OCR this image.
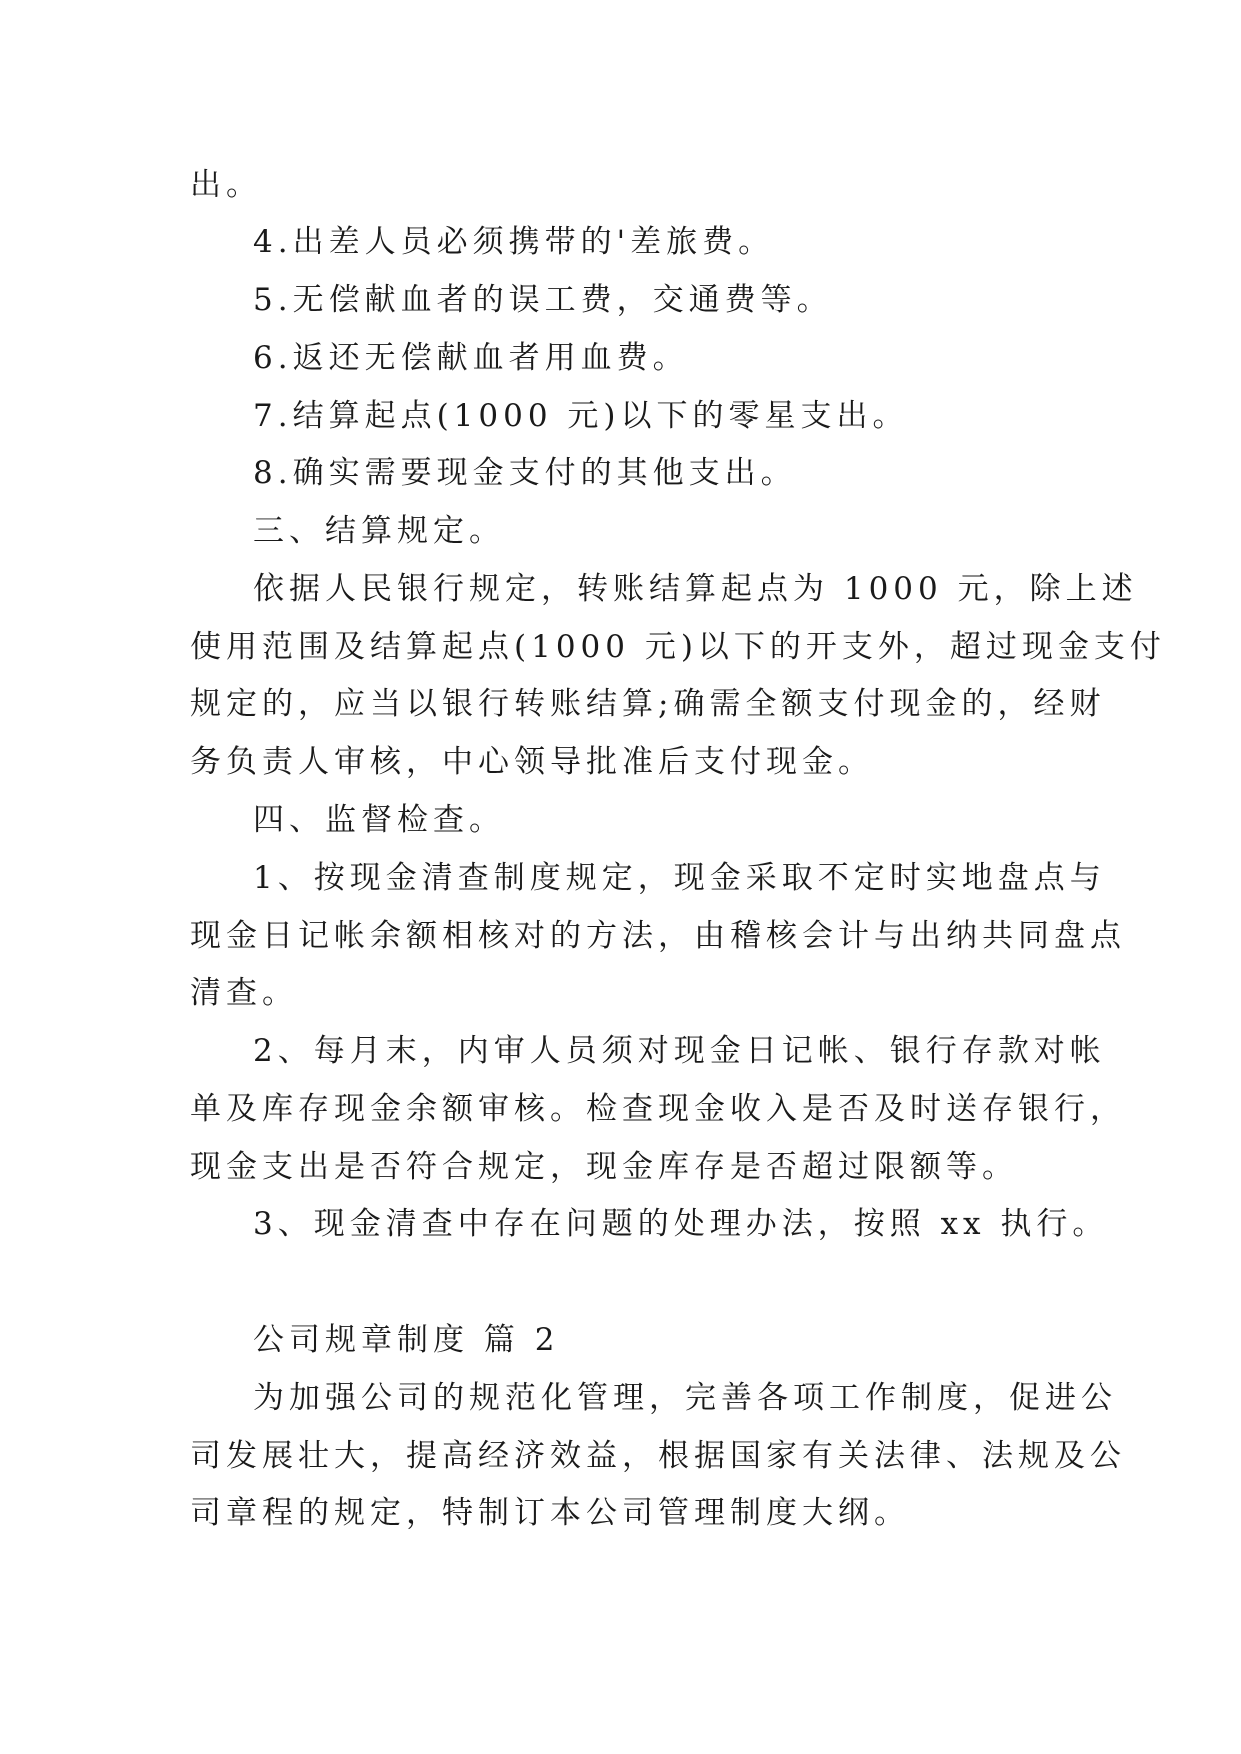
出。
4.出差人员必须携带的'差旅费。
5.无偿献血者的误工费，交通费等。
6.返还无偿献血者用血费。
7.结算起点(1000 元)以下的零星支出。
8.确实需要现金支付的其他支出。
三、结算规定。
依据人民银行规定，转账结算起点为 1000 元，除上述
使用范围及结算起点(1000 元)以下的开支外，超过现金支付
规定的，应当以银行转账结算;确需全额支付现金的，经财
务负责人审核，中心领导批准后支付现金。
四、监督检查。
1、按现金清查制度规定，现金采取不定时实地盘点与
现金日记帐余额相核对的方法，由稽核会计与出纳共同盘点
清查。
2、每月末，内审人员须对现金日记帐、银行存款对帐
单及库存现金余额审核。检查现金收入是否及时送存银行，
现金支出是否符合规定，现金库存是否超过限额等。
3、现金清查中存在问题的处理办法，按照 xx 执行。
公司规章制度 篇 2
为加强公司的规范化管理，完善各项工作制度，促进公
司发展壮大，提高经济效益，根据国家有关法律、法规及公
司章程的规定，特制订本公司管理制度大纲。
